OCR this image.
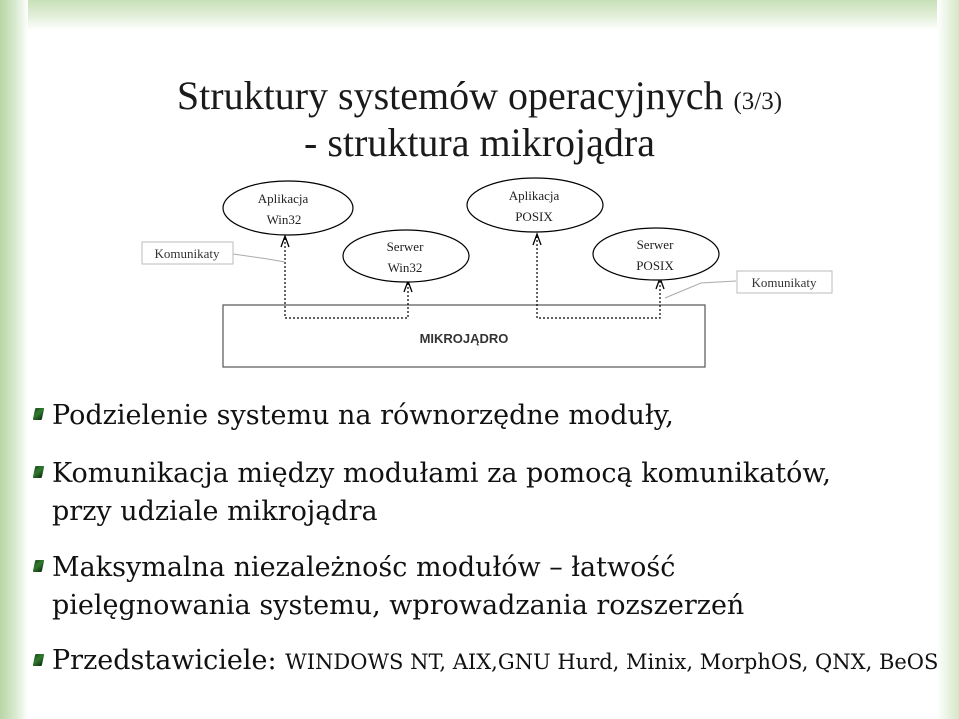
Struktury systemów operacyjnych (3/3)
- struktura mikrojądra
MIKROJĄDRO
Aplikacja
Win32
Aplikacja
POSIX
Serwer
Win32
Serwer
POSIX
Komunikaty
Komunikaty
Podzielenie systemu na równorzędne moduły,
Komunikacja między modułami za pomocą komunikatów,
przy udziale mikrojądra
Maksymalna niezależnośc modułów – łatwość
pielęgnowania systemu, wprowadzania rozszerzeń
Przedstawiciele: WINDOWS NT, AIX,GNU Hurd, Minix, MorphOS, QNX, BeOS
